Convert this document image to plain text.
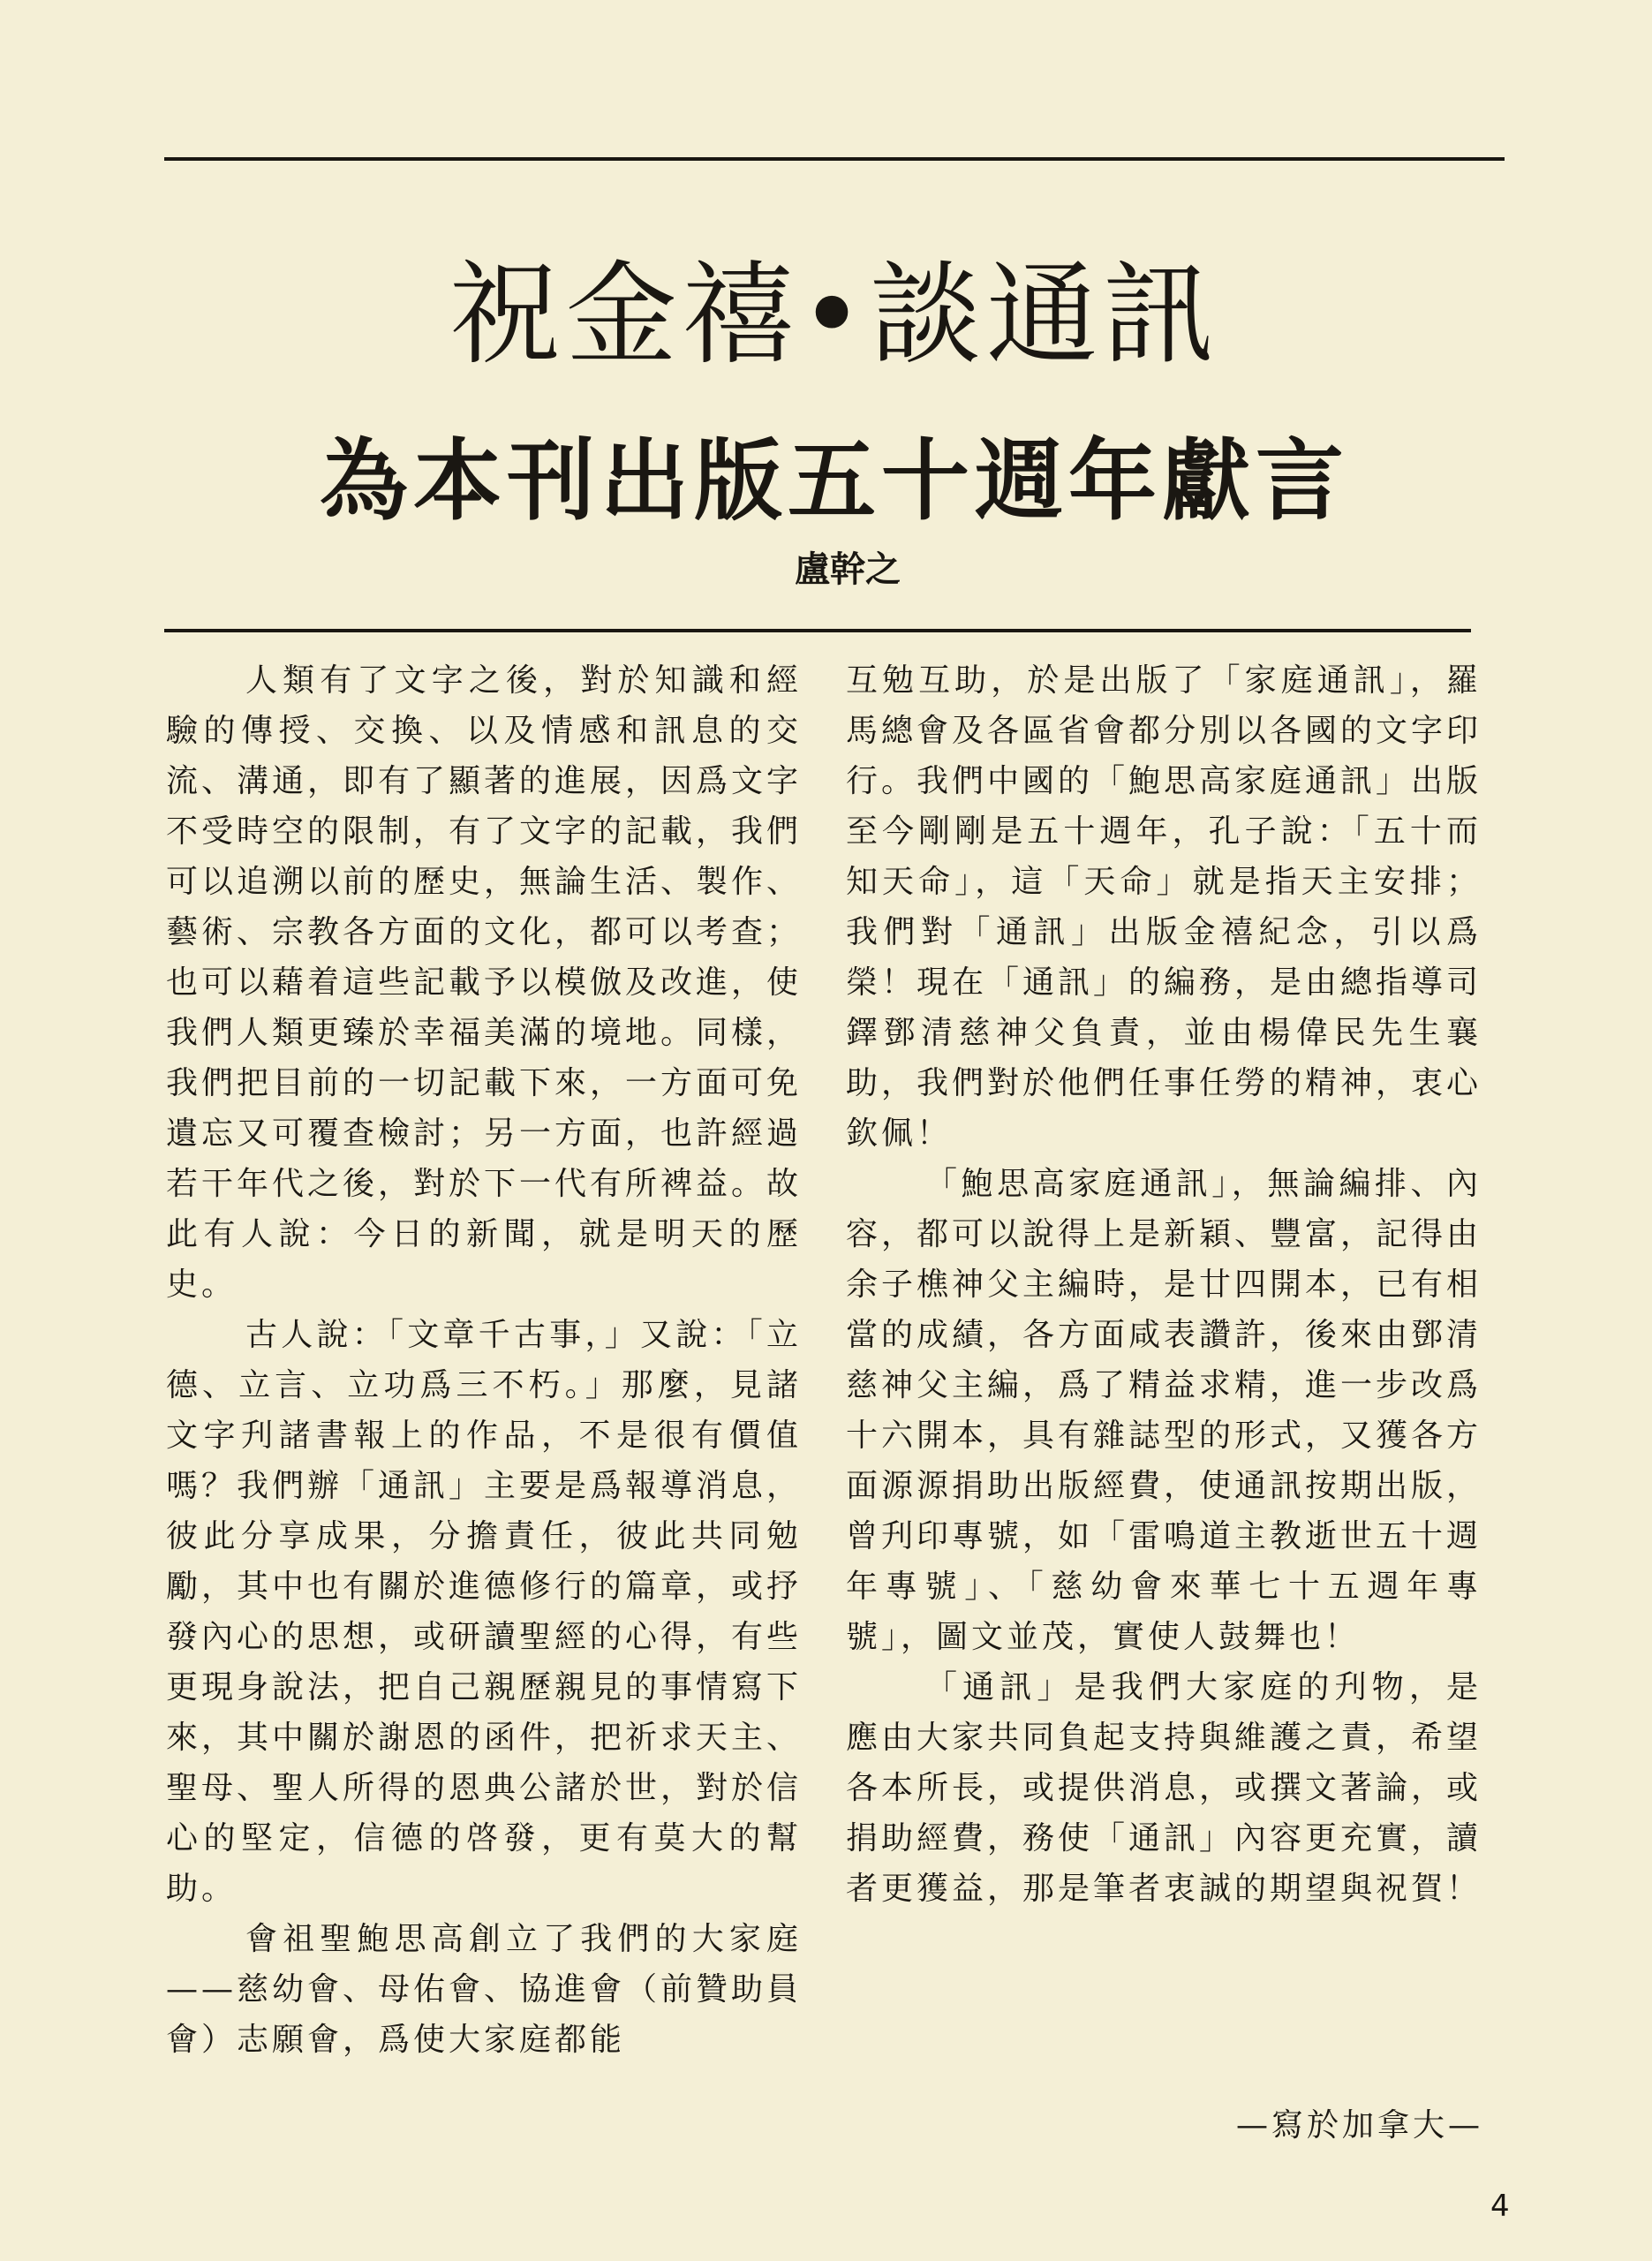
祝金禧•談通訊
為本刊出版五十週年獻言
盧幹之

人類有了文字之後，對於知識和經驗的傳授、交換、以及情感和訊息的交流、溝通，即有了顯著的進展，因爲文字不受時空的限制，有了文字的記載，我們可以追溯以前的歷史，無論生活、製作、藝術、宗教各方面的文化，都可以考查；也可以藉着這些記載予以模倣及改進，使我們人類更臻於幸福美滿的境地。同樣，我們把目前的一切記載下來，一方面可免遺忘又可覆查檢討；另一方面，也許經過若干年代之後，對於下一代有所裨益。故此有人說：今日的新聞，就是明天的歷史。

古人說：「文章千古事，」又說：「立德、立言、立功爲三不朽。」那麼，見諸文字刋諸書報上的作品，不是很有價值嗎？我們辦「通訊」主要是爲報導消息，彼此分享成果，分擔責任，彼此共同勉勵，其中也有關於進德修行的篇章，或抒發內心的思想，或研讀聖經的心得，有些更現身說法，把自己親歷親見的事情寫下來，其中關於謝恩的函件，把祈求天主、聖母、聖人所得的恩典公諸於世，對於信心的堅定，信德的啓發，更有莫大的幫助。

會祖聖鮑思高創立了我們的大家庭——慈幼會、母佑會、協進會（前贊助員會）志願會，爲使大家庭都能

互勉互助，於是出版了「家庭通訊」，羅馬總會及各區省會都分別以各國的文字印行。我們中國的「鮑思高家庭通訊」出版至今剛剛是五十週年，孔子說：「五十而知天命」，這「天命」就是指天主安排；我們對「通訊」出版金禧紀念，引以爲榮！現在「通訊」的編務，是由總指導司鐸鄧清慈神父負責，並由楊偉民先生襄助，我們對於他們任事任勞的精神，衷心欽佩！

「鮑思高家庭通訊」，無論編排、內容，都可以說得上是新穎、豐富，記得由余子樵神父主編時，是廿四開本，已有相當的成績，各方面咸表讚許，後來由鄧清慈神父主編，爲了精益求精，進一步改爲十六開本，具有雜誌型的形式，又獲各方面源源捐助出版經費，使通訊按期出版，曾刋印專號，如「雷鳴道主教逝世五十週年專號」、「慈幼會來華七十五週年專號」，圖文並茂，實使人鼓舞也！

「通訊」是我們大家庭的刋物，是應由大家共同負起支持與維護之責，希望各本所長，或提供消息，或撰文著論，或捐助經費，務使「通訊」內容更充實，讀者更獲益，那是筆者衷誠的期望與祝賀！

—寫於加拿大—
4
